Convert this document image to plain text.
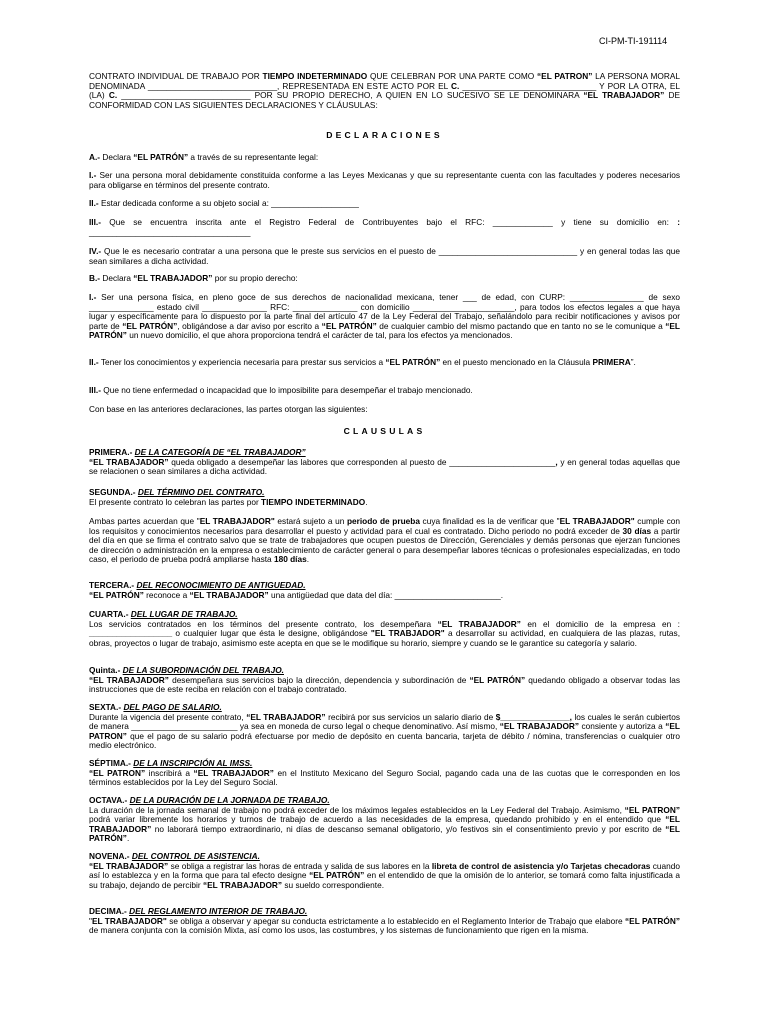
CI-PM-TI-191114

CONTRATO INDIVIDUAL DE TRABAJO POR TIEMPO INDETERMINADO QUE CELEBRAN POR UNA PARTE COMO “EL PATRON” LA PERSONA MORAL DENOMINADA ____________________________, REPRESENTADA EN ESTE ACTO POR EL C. _____________________________ Y POR LA OTRA, EL (LA) C. ____________________________ POR SU PROPIO DERECHO, A QUIEN EN LO SUCESIVO SE LE DENOMINARA “EL TRABAJADOR” DE CONFORMIDAD CON LAS SIGUIENTES DECLARACIONES Y CLÁUSULAS:

DECLARACIONES

A.- Declara “EL PATRÓN” a través de su representante legal:

I.- Ser una persona moral debidamente constituida conforme a las Leyes Mexicanas y que su representante cuenta con las facultades y poderes necesarios para obligarse en términos del presente contrato.

II.- Estar dedicada conforme a su objeto social a: ___________________

III.- Que se encuentra inscrita ante el Registro Federal de Contribuyentes bajo el RFC: _____________ y tiene su domicilio en: : ___________________________________

IV.- Que le es necesario contratar a una persona que le preste sus servicios en el puesto de ______________________________ y en general todas las que sean similares a dicha actividad.

B.- Declara “EL TRABAJADOR” por su propio derecho:

I.- Ser una persona física, en pleno goce de sus derechos de nacionalidad mexicana, tener ___ de edad, con CURP: ________________ de sexo ______________ estado civil ______________ RFC: ______________ con domicilio ______________________, para todos los efectos legales a que haya lugar y específicamente para lo dispuesto por la parte final del artículo 47 de la Ley Federal del Trabajo, señalándolo para recibir notificaciones y avisos por parte de “EL PATRÓN”, obligándose a dar aviso por escrito a “EL PATRÓN” de cualquier cambio del mismo pactando que en tanto no se le comunique a “EL PATRÓN” un nuevo domicilio, el que ahora proporciona tendrá el carácter de tal, para los efectos ya mencionados.

II.- Tener los conocimientos y experiencia necesaria para prestar sus servicios a “EL PATRÓN” en el puesto mencionado en la Cláusula PRIMERA”.

III.- Que no tiene enfermedad o incapacidad que lo imposibilite para desempeñar el trabajo mencionado.

Con base en las anteriores declaraciones, las partes otorgan las siguientes:

CLAUSULAS

PRIMERA.- DE LA CATEGORÍA DE “EL TRABAJADOR”
“EL TRABAJADOR” queda obligado a desempeñar las labores que corresponden al puesto de _______________________, y en general todas aquellas que se relacionen o sean similares a dicha actividad.

SEGUNDA.- DEL TÉRMINO DEL CONTRATO.
El presente contrato lo celebran las partes por TIEMPO INDETERMINADO.

Ambas partes acuerdan que "EL TRABAJADOR" estará sujeto a un periodo de prueba cuya finalidad es la de verificar que "EL TRABAJADOR" cumple con los requisitos y conocimientos necesarios para desarrollar el puesto y actividad para el cual es contratado. Dicho periodo no podrá exceder de 30 días a partir del día en que se firma el contrato salvo que se trate de trabajadores que ocupen puestos de Dirección, Gerenciales y demás personas que ejerzan funciones de dirección o administración en la empresa o establecimiento de carácter general o para desempeñar labores técnicas o profesionales especializadas, en todo caso, el periodo de prueba podrá ampliarse hasta 180 días.

TERCERA.- DEL RECONOCIMIENTO DE ANTIGUEDAD.
“EL PATRÓN” reconoce a “EL TRABAJADOR” una antigüedad que data del día: _______________________.

CUARTA.- DEL LUGAR DE TRABAJO.
Los servicios contratados en los términos del presente contrato, los desempeñara “EL TRABAJADOR” en el domicilio de la empresa en : __________________ o cualquier lugar que ésta le designe, obligándose "EL TRABJADOR" a desarrollar su actividad, en cualquiera de las plazas, rutas, obras, proyectos o lugar de trabajo, asimismo este acepta en que se le modifique su horario, siempre y cuando se le garantice su categoría y salario.

Quinta.- DE LA SUBORDINACIÓN DEL TRABAJO.
“EL TRABAJADOR” desempeñara sus servicios bajo la dirección, dependencia y subordinación de “EL PATRÓN” quedando obligado a observar todas las instrucciones que de este reciba en relación con el trabajo contratado.

SEXTA.- DEL PAGO DE SALARIO.
Durante la vigencia del presente contrato, “EL TRABAJADOR” recibirá por sus servicios un salario diario de $_______________, los cuales le serán cubiertos de manera _______________________ ya sea en moneda de curso legal o cheque denominativo. Así mismo, “EL TRABAJADOR” consiente y autoriza a “EL PATRON” que el pago de su salario podrá efectuarse por medio de depósito en cuenta bancaria, tarjeta de débito / nómina, transferencias o cualquier otro medio electrónico.

SÉPTIMA.- DE LA INSCRIPCIÓN AL IMSS.
“EL PATRON” inscribirá a “EL TRABAJADOR” en el Instituto Mexicano del Seguro Social, pagando cada una de las cuotas que le corresponden en los términos establecidos por la Ley del Seguro Social.

OCTAVA.- DE LA DURACIÓN DE LA JORNADA DE TRABAJO.
La duración de la jornada semanal de trabajo no podrá exceder de los máximos legales establecidos en la Ley Federal del Trabajo. Asimismo, “EL PATRON” podrá variar libremente los horarios y turnos de trabajo de acuerdo a las necesidades de la empresa, quedando prohibido y en el entendido que “EL TRABAJADOR” no laborará tiempo extraordinario, ni días de descanso semanal obligatorio, y/o festivos sin el consentimiento previo y por escrito de “EL PATRÓN”.

NOVENA.- DEL CONTROL DE ASISTENCIA.
“EL TRABAJADOR” se obliga a registrar las horas de entrada y salida de sus labores en la libreta de control de asistencia y/o Tarjetas checadoras cuando así lo establezca y en la forma que para tal efecto designe “EL PATRÓN” en el entendido de que la omisión de lo anterior, se tomará como falta injustificada a su trabajo, dejando de percibir “EL TRABAJADOR” su sueldo correspondiente.

DECIMA.- DEL REGLAMENTO INTERIOR DE TRABAJO.
"EL TRABAJADOR" se obliga a observar y apegar su conducta estrictamente a lo establecido en el Reglamento Interior de Trabajo que elabore “EL PATRÓN” de manera conjunta con la comisión Mixta, así como los usos, las costumbres, y los sistemas de funcionamiento que rigen en la misma.
